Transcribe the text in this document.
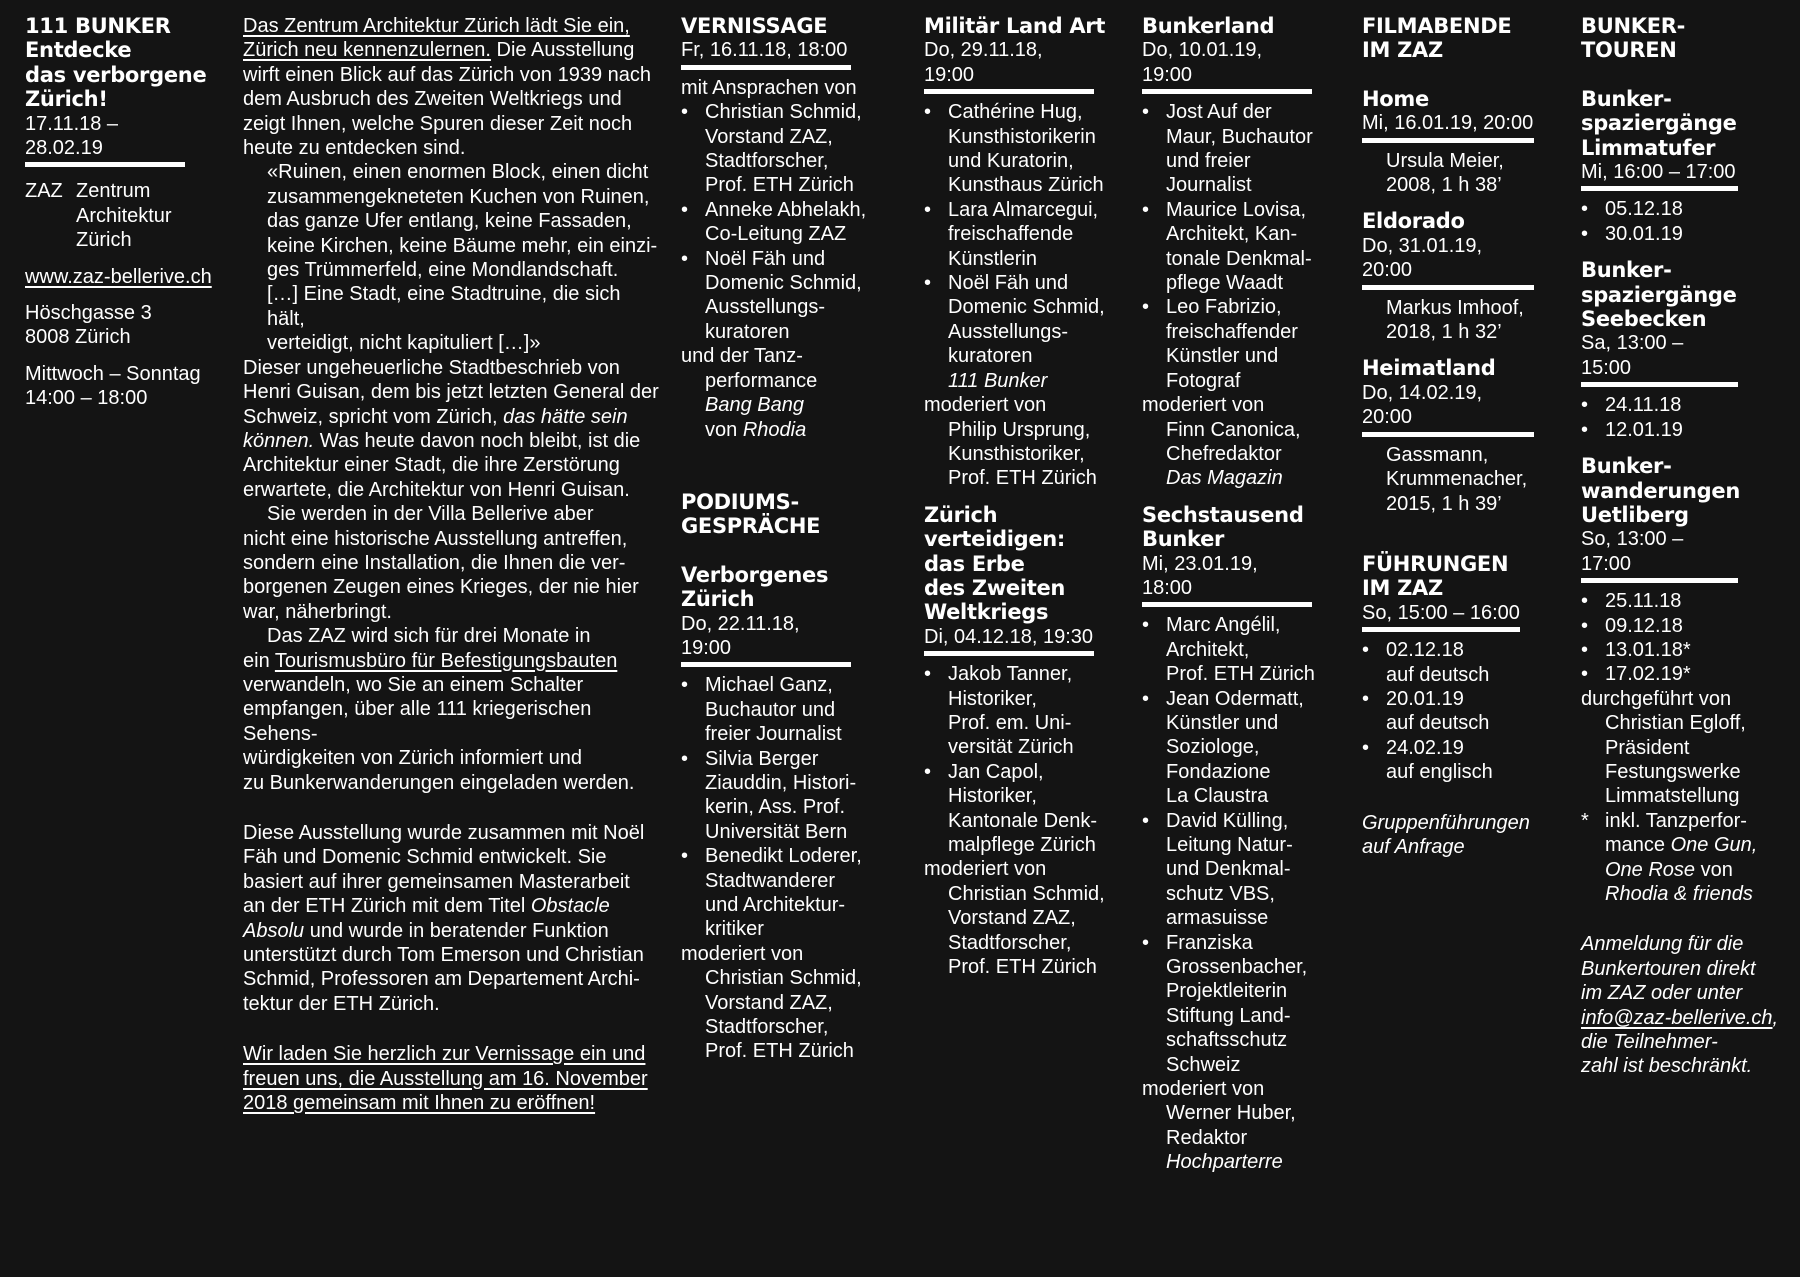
111 BUNKER
Entdecke
das verborgene
Zürich!
17.11.18 – 28.02.19
ZAZ Zentrum
Architektur
Zürich
www.zaz-bellerive.ch
Höschgasse 3
8008 Zürich
Mittwoch – Sonntag
14:00 – 18:00
Das Zentrum Architektur Zürich lädt Sie ein,
Zürich neu kennenzulernen. Die Ausstellung
wirft einen Blick auf das Zürich von 1939 nach
dem Ausbruch des Zweiten Weltkriegs und
zeigt Ihnen, welche Spuren dieser Zeit noch
heute zu entdecken sind.
«Ruinen, einen enormen Block, einen dicht
zusammengekneteten Kuchen von Ruinen,
das ganze Ufer entlang, keine Fassaden,
keine Kirchen, keine Bäume mehr, ein einzi-
ges Trümmerfeld, eine Mondlandschaft.
[…] Eine Stadt, eine Stadtruine, die sich hält,
verteidigt, nicht kapituliert […]»
Dieser ungeheuerliche Stadtbeschrieb von
Henri Guisan, dem bis jetzt letzten General der
Schweiz, spricht vom Zürich, das hätte sein
können. Was heute davon noch bleibt, ist die
Architektur einer Stadt, die ihre Zerstörung
erwartete, die Architektur von Henri Guisan.
Sie werden in der Villa Bellerive aber
nicht eine historische Ausstellung antreffen,
sondern eine Installation, die Ihnen die ver-
borgenen Zeugen eines Krieges, der nie hier
war, näherbringt.
Das ZAZ wird sich für drei Monate in
ein Tourismusbüro für Befestigungsbauten
verwandeln, wo Sie an einem Schalter
empfangen, über alle 111 kriegerischen Sehens-
würdigkeiten von Zürich informiert und
zu Bunkerwanderungen eingeladen werden.
Diese Ausstellung wurde zusammen mit Noël
Fäh und Domenic Schmid entwickelt. Sie
basiert auf ihrer gemeinsamen Masterarbeit
an der ETH Zürich mit dem Titel Obstacle
Absolu und wurde in beratender Funktion
unterstützt durch Tom Emerson und Christian
Schmid, Professoren am Departement Archi-
tektur der ETH Zürich.
Wir laden Sie herzlich zur Vernissage ein und
freuen uns, die Ausstellung am 16. November
2018 gemeinsam mit Ihnen zu eröffnen!
VERNISSAGE
Fr, 16.11.18, 18:00
mit Ansprachen von
• Christian Schmid,
Vorstand ZAZ,
Stadtforscher,
Prof. ETH Zürich
• Anneke Abhelakh,
Co-Leitung ZAZ
• Noël Fäh und
Domenic Schmid,
Ausstellungs-
kuratoren
und der Tanz-
performance
Bang Bang
von Rhodia
PODIUMS-
GESPRÄCHE
Verborgenes
Zürich
Do, 22.11.18, 19:00
• Michael Ganz,
Buchautor und
freier Journalist
• Silvia Berger
Ziauddin, Histori-
kerin, Ass. Prof.
Universität Bern
• Benedikt Loderer,
Stadtwanderer
und Architektur-
kritiker
moderiert von
Christian Schmid,
Vorstand ZAZ,
Stadtforscher,
Prof. ETH Zürich
Militär Land Art
Do, 29.11.18, 19:00
• Cathérine Hug,
Kunsthistorikerin
und Kuratorin,
Kunsthaus Zürich
• Lara Almarcegui,
freischaffende
Künstlerin
• Noël Fäh und
Domenic Schmid,
Ausstellungs-
kuratoren
111 Bunker
moderiert von
Philip Ursprung,
Kunsthistoriker,
Prof. ETH Zürich
Zürich
verteidigen:
das Erbe
des Zweiten
Weltkriegs
Di, 04.12.18, 19:30
• Jakob Tanner,
Historiker,
Prof. em. Uni-
versität Zürich
• Jan Capol,
Historiker,
Kantonale Denk-
malpflege Zürich
moderiert von
Christian Schmid,
Vorstand ZAZ,
Stadtforscher,
Prof. ETH Zürich
Bunkerland
Do, 10.01.19, 19:00
• Jost Auf der
Maur, Buchautor
und freier
Journalist
• Maurice Lovisa,
Architekt, Kan-
tonale Denkmal-
pflege Waadt
• Leo Fabrizio,
freischaffender
Künstler und
Fotograf
moderiert von
Finn Canonica,
Chefredaktor
Das Magazin
Sechstausend
Bunker
Mi, 23.01.19, 18:00
• Marc Angélil,
Architekt,
Prof. ETH Zürich
• Jean Odermatt,
Künstler und
Soziologe,
Fondazione
La Claustra
• David Külling,
Leitung Natur-
und Denkmal-
schutz VBS,
armasuisse
• Franziska
Grossenbacher,
Projektleiterin
Stiftung Land-
schaftsschutz
Schweiz
moderiert von
Werner Huber,
Redaktor
Hochparterre
FILMABENDE
IM ZAZ
Home
Mi, 16.01.19, 20:00
Ursula Meier,
2008, 1 h 38’
Eldorado
Do, 31.01.19, 20:00
Markus Imhoof,
2018, 1 h 32’
Heimatland
Do, 14.02.19, 20:00
Gassmann,
Krummenacher,
2015, 1 h 39’
FÜHRUNGEN
IM ZAZ
So, 15:00 – 16:00
• 02.12.18
auf deutsch
• 20.01.19
auf deutsch
• 24.02.19
auf englisch
Gruppenführungen
auf Anfrage
BUNKER-
TOUREN
Bunker-
spaziergänge
Limmatufer
Mi, 16:00 – 17:00
• 05.12.18
• 30.01.19
Bunker-
spaziergänge
Seebecken
Sa, 13:00 – 15:00
• 24.11.18
• 12.01.19
Bunker-
wanderungen
Uetliberg
So, 13:00 – 17:00
• 25.11.18
• 09.12.18
• 13.01.18*
• 17.02.19*
durchgeführt von
Christian Egloff,
Präsident
Festungswerke
Limmatstellung
* inkl. Tanzperfor-
mance One Gun,
One Rose von
Rhodia & friends
Anmeldung für die
Bunkertouren direkt
im ZAZ oder unter
info@zaz-bellerive.ch,
die Teilnehmer-
zahl ist beschränkt.
